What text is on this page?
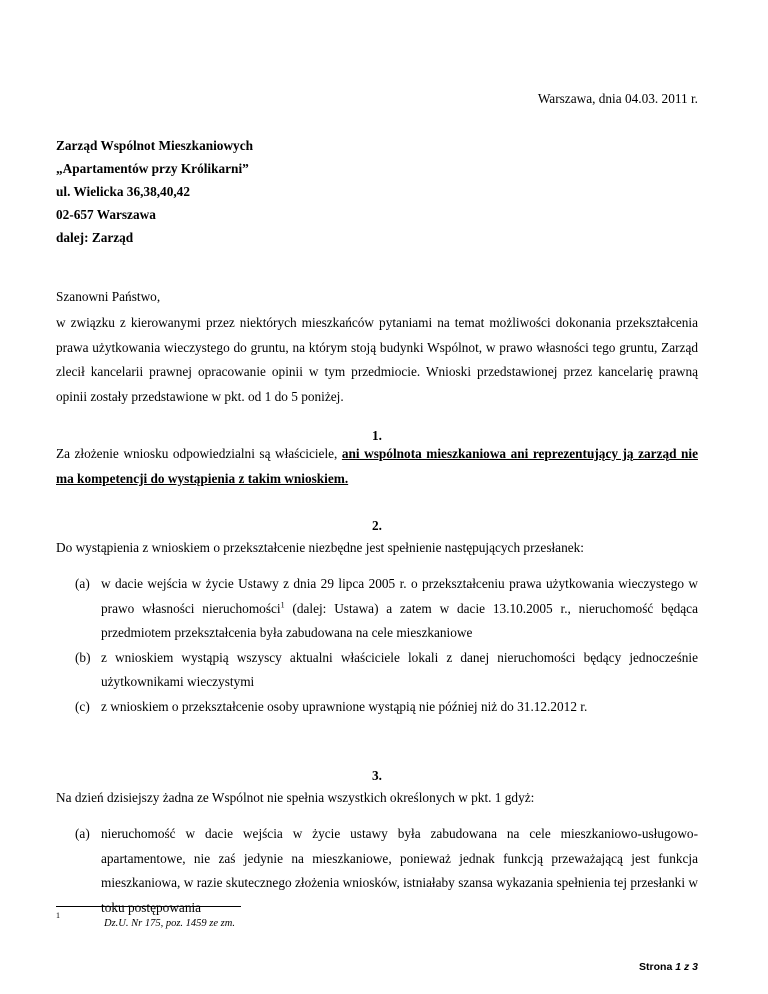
Warszawa, dnia 04.03. 2011 r.
Zarząd Wspólnot Mieszkaniowych
„Apartamentów przy Królikarni”
ul. Wielicka 36,38,40,42
02-657 Warszawa
dalej: Zarząd
Szanowni Państwo,
w związku z kierowanymi przez niektórych mieszkańców pytaniami na temat możliwości dokonania przekształcenia prawa użytkowania wieczystego do gruntu, na którym stoją budynki Wspólnot, w prawo własności tego gruntu, Zarząd zlecił kancelarii prawnej opracowanie opinii w tym przedmiocie. Wnioski przedstawionej przez kancelarię prawną opinii zostały przedstawione w pkt. od 1 do 5 poniżej.
1.
Za złożenie wniosku odpowiedzialni są właściciele, ani wspólnota mieszkaniowa ani reprezentujący ją zarząd nie ma kompetencji do wystąpienia z takim wnioskiem.
2.
Do wystąpienia z wnioskiem o przekształcenie niezbędne jest spełnienie następujących przesłanek:
(a) w dacie wejścia w życie Ustawy z dnia 29 lipca 2005 r. o przekształceniu prawa użytkowania wieczystego w prawo własności nieruchomości$^1$ (dalej: Ustawa) a zatem w dacie 13.10.2005 r., nieruchomość będąca przedmiotem przekształcenia była zabudowana na cele mieszkaniowe
(b) z wnioskiem wystąpią wszyscy aktualni właściciele lokali z danej nieruchomości będący jednocześnie użytkownikami wieczystymi
(c) z wnioskiem o przekształcenie osoby uprawnione wystąpią nie później niż do 31.12.2012 r.
3.
Na dzień dzisiejszy żadna ze Wspólnot nie spełnia wszystkich określonych w pkt. 1 gdyż:
(a) nieruchomość w dacie wejścia w życie ustawy była zabudowana na cele mieszkaniowo-usługowo-apartamentowe, nie zaś jedynie na mieszkaniowe, ponieważ jednak funkcją przeważającą jest funkcja mieszkaniowa, w razie skutecznego złożenia wniosków, istniałaby szansa wykazania spełnienia tej przesłanki w toku postępowania
1
Dz.U. Nr 175, poz. 1459 ze zm.
Strona 1 z 3
